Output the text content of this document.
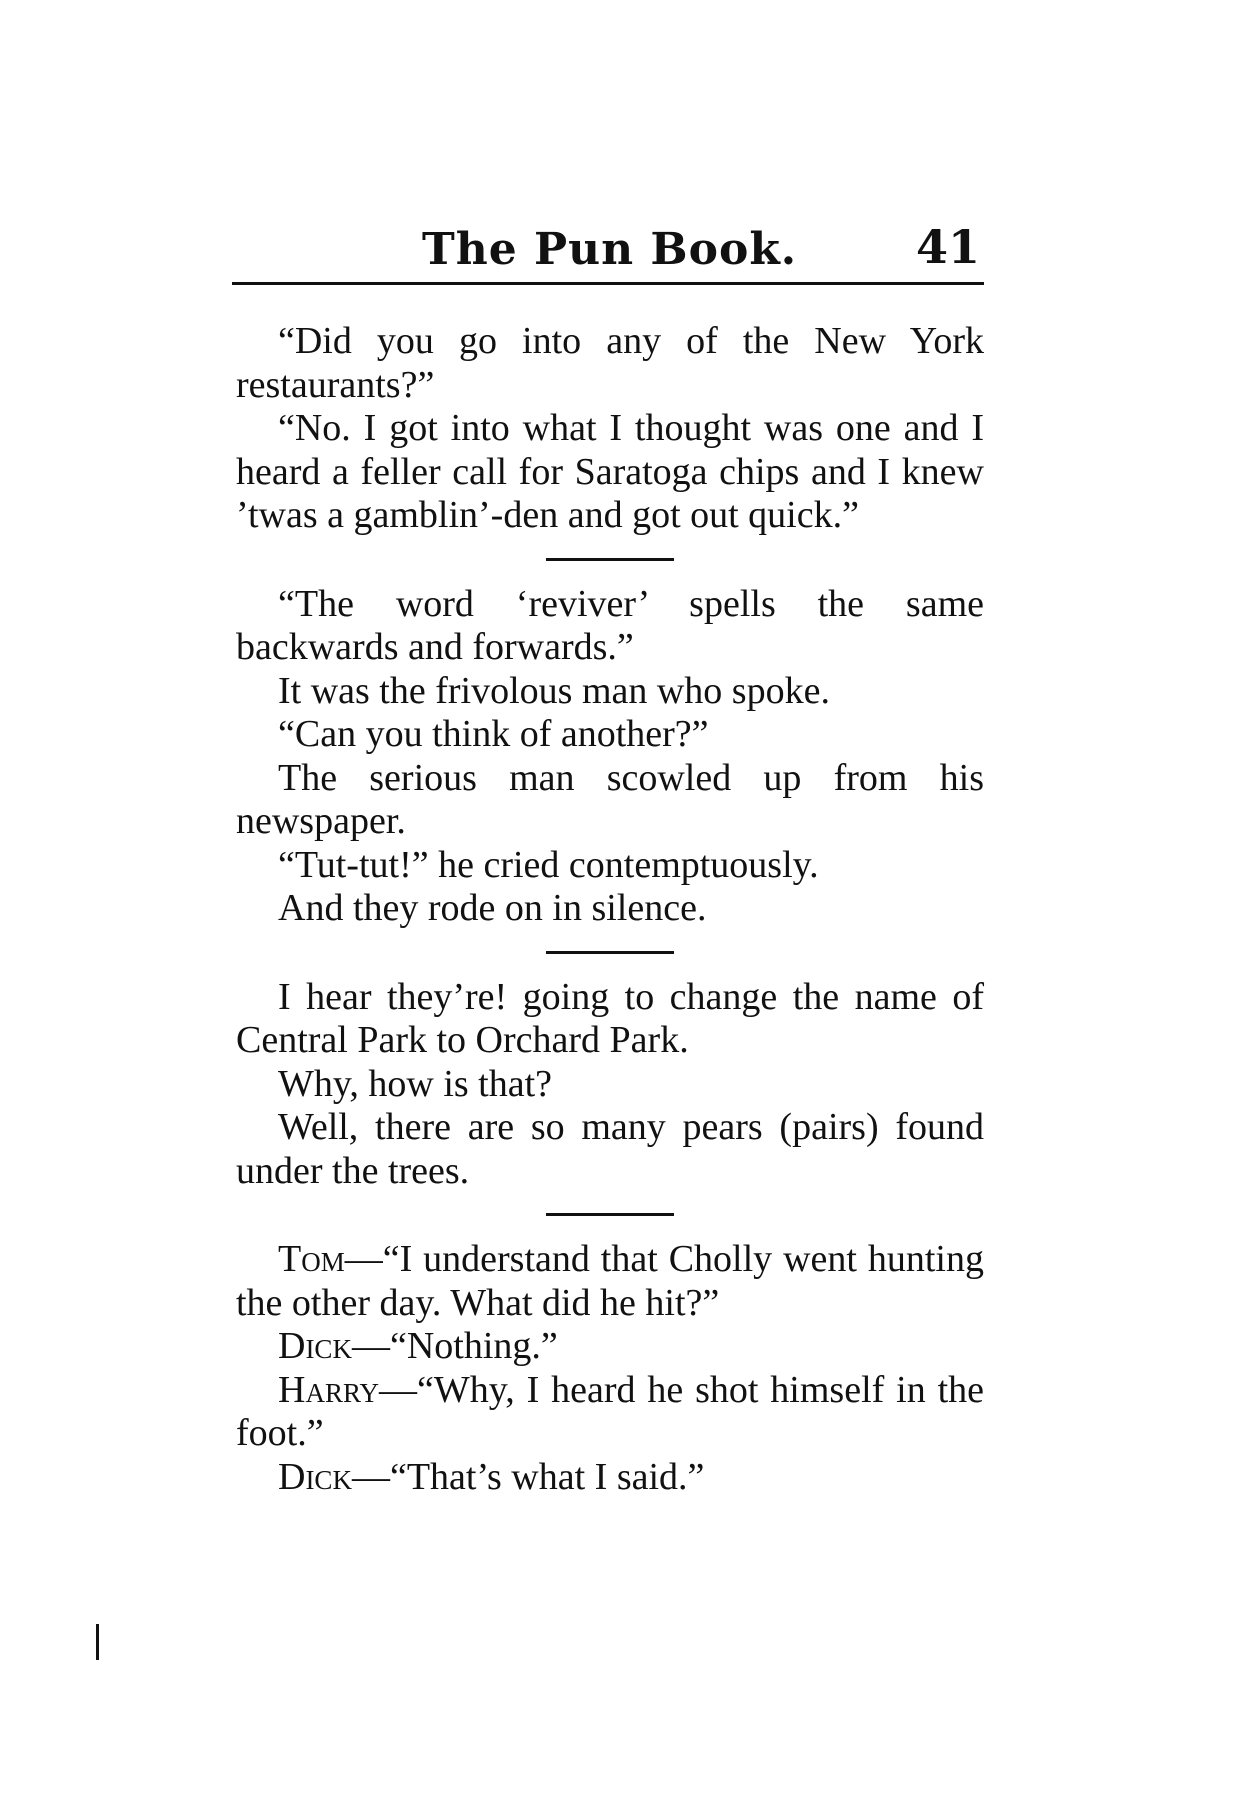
The Pun Book.	41

“Did you go into any of the New York restaurants?”

“No. I got into what I thought was one and I heard a feller call for Saratoga chips and I knew ’twas a gamblin’-den and got out quick.”

“The word ‘reviver’ spells the same backwards and forwards.”

It was the frivolous man who spoke.

“Can you think of another?”

The serious man scowled up from his newspaper.

“Tut-tut!” he cried contemptuously.

And they rode on in silence.

I hear they’re! going to change the name of Central Park to Orchard Park.

Why, how is that?

Well, there are so many pears (pairs) found under the trees.

Tom—“I understand that Cholly went hunting the other day. What did he hit?”

Dick—“Nothing.”

Harry—“Why, I heard he shot himself in the foot.”

Dick—“That’s what I said.”
